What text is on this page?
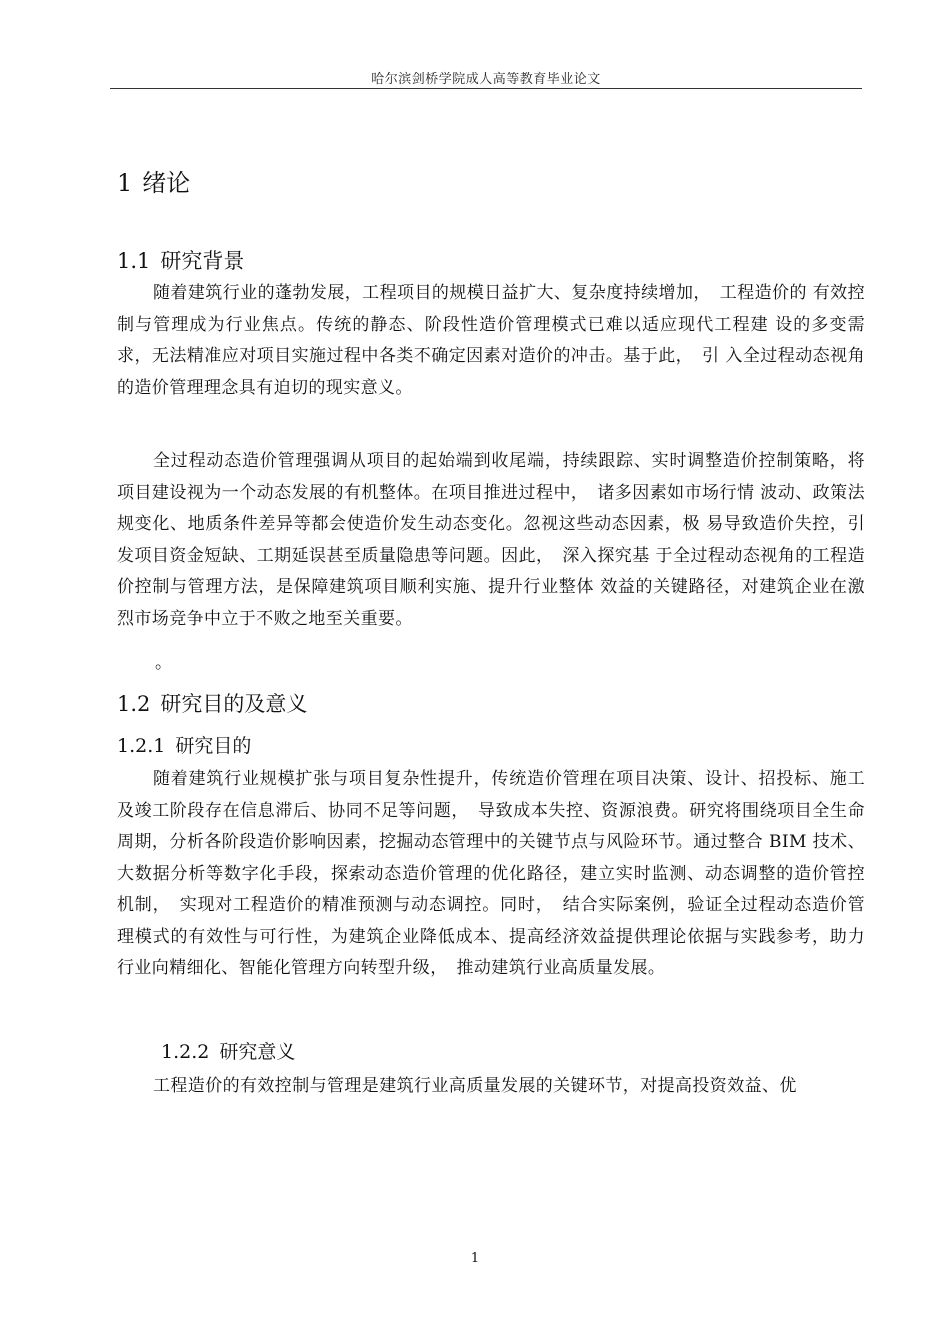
哈尔滨剑桥学院成人高等教育毕业论文
1 绪论
1.1 研究背景

随着建筑行业的蓬勃发展，工程项目的规模日益扩大、复杂度持续增加，　工程造价的 有效控制与管理成为行业焦点。传统的静态、阶段性造价管理模式已难以适应现代工程建 设的多变需求，无法精准应对项目实施过程中各类不确定因素对造价的冲击。基于此，　引 入全过程动态视角的造价管理理念具有迫切的现实意义。

全过程动态造价管理强调从项目的起始端到收尾端，持续跟踪、实时调整造价控制策略，将项目建设视为一个动态发展的有机整体。在项目推进过程中，　诸多因素如市场行情 波动、政策法规变化、地质条件差异等都会使造价发生动态变化。忽视这些动态因素，极 易导致造价失控，引发项目资金短缺、工期延误甚至质量隐患等问题。因此，　深入探究基 于全过程动态视角的工程造价控制与管理方法，是保障建筑项目顺利实施、提升行业整体 效益的关键路径，对建筑企业在激烈市场竞争中立于不败之地至关重要。

。
1.2 研究目的及意义
1.2.1 研究目的

随着建筑行业规模扩张与项目复杂性提升，传统造价管理在项目决策、设计、招投标、施工及竣工阶段存在信息滞后、协同不足等问题，　导致成本失控、资源浪费。研究将围绕项目全生命周期，分析各阶段造价影响因素，挖掘动态管理中的关键节点与风险环节。通过整合 BIM 技术、大数据分析等数字化手段，探索动态造价管理的优化路径，建立实时监测、动态调整的造价管控机制，　实现对工程造价的精准预测与动态调控。同时，　结合实际案例，验证全过程动态造价管理模式的有效性与可行性，为建筑企业降低成本、提高经济效益提供理论依据与实践参考，助力行业向精细化、智能化管理方向转型升级，　推动建筑行业高质量发展。

1.2.2 研究意义

工程造价的有效控制与管理是建筑行业高质量发展的关键环节，对提高投资效益、优

1
